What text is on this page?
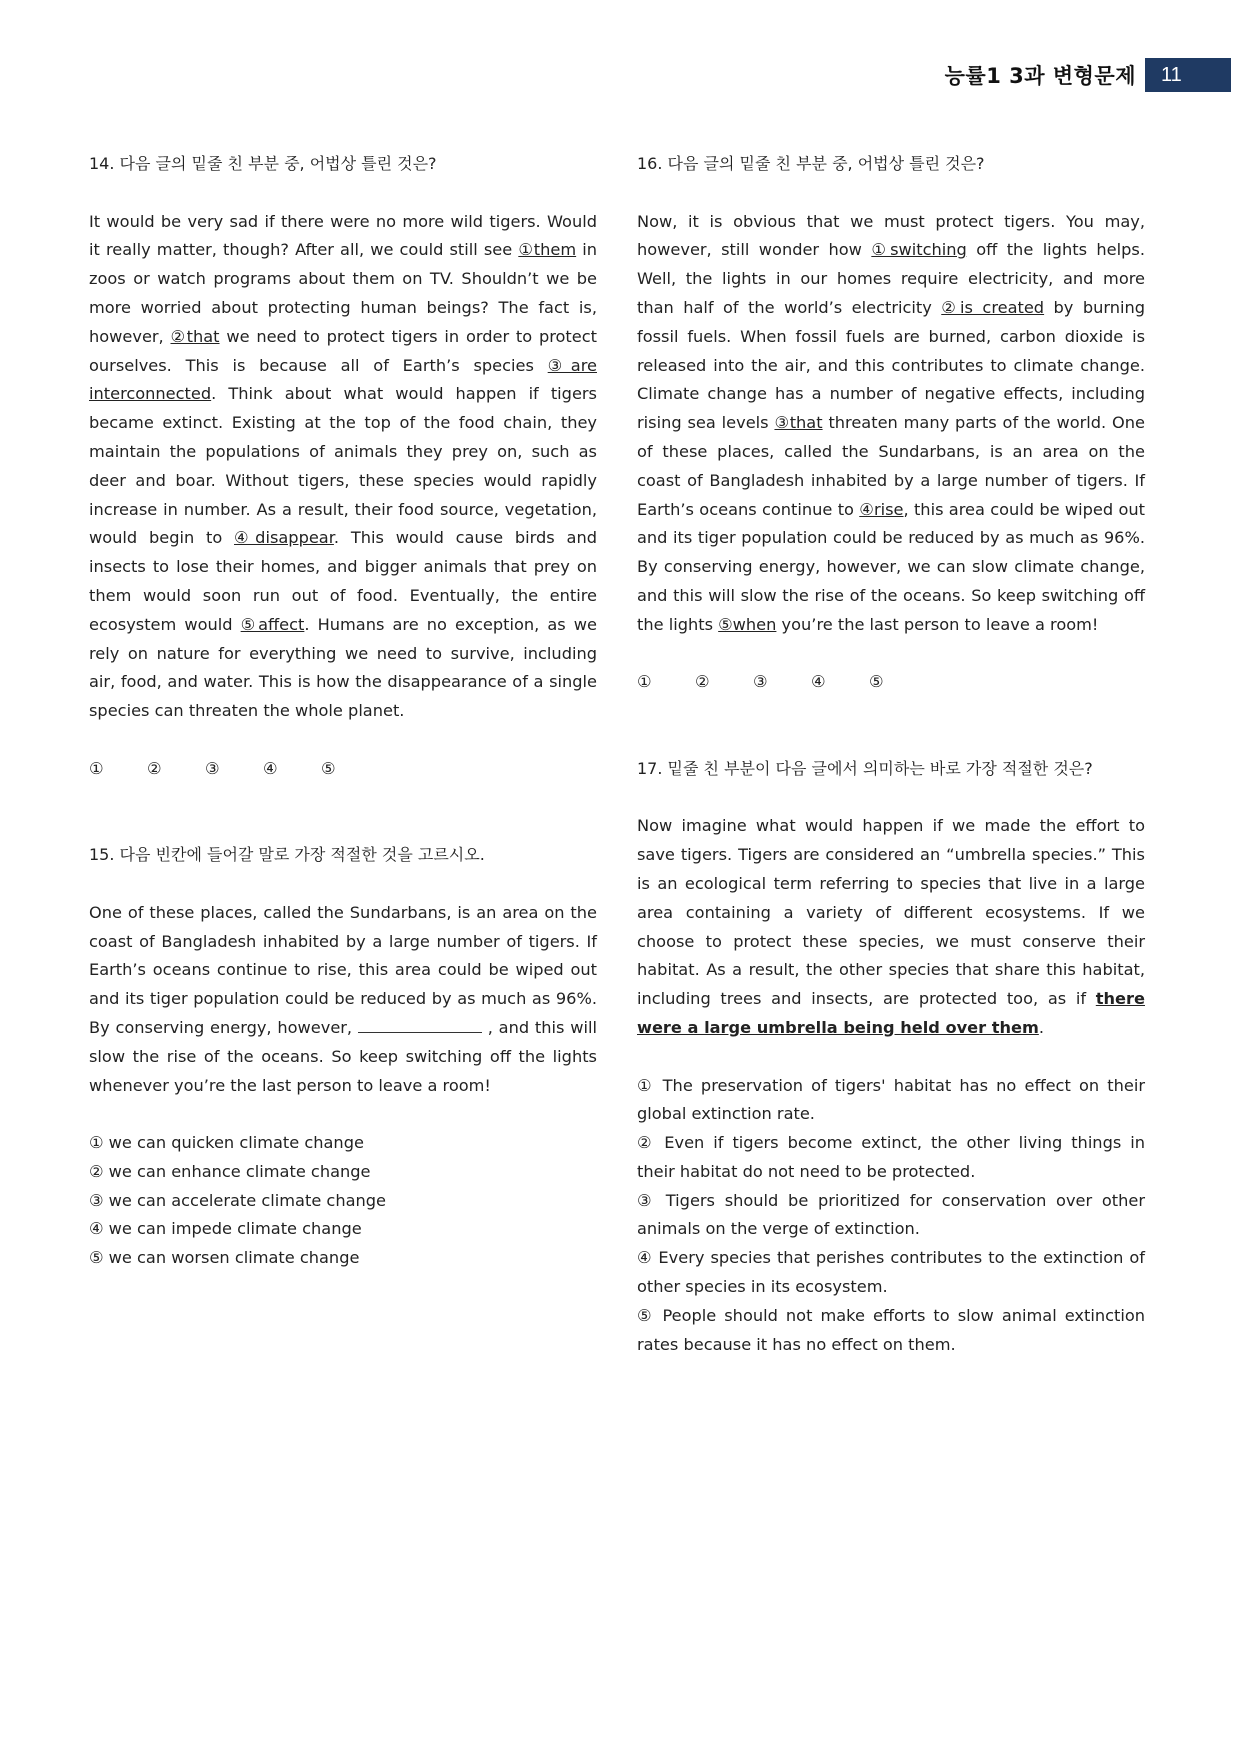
능률1 3과 변형문제	11

14. 다음 글의 밑줄 친 부분 중, 어법상 틀린 것은?

It would be very sad if there were no more wild tigers. Would it really matter, though? After all, we could still see ①them in zoos or watch programs about them on TV. Shouldn’t we be more worried about protecting human beings? The fact is, however, ②that we need to protect tigers in order to protect ourselves. This is because all of Earth’s species ③are interconnected. Think about what would happen if tigers became extinct. Existing at the top of the food chain, they maintain the populations of animals they prey on, such as deer and boar. Without tigers, these species would rapidly increase in number. As a result, their food source, vegetation, would begin to ④disappear. This would cause birds and insects to lose their homes, and bigger animals that prey on them would soon run out of food. Eventually, the entire ecosystem would ⑤affect. Humans are no exception, as we rely on nature for everything we need to survive, including air, food, and water. This is how the disappearance of a single species can threaten the whole planet.

①	②	③	④	⑤

15. 다음 빈칸에 들어갈 말로 가장 적절한 것을 고르시오.

One of these places, called the Sundarbans, is an area on the coast of Bangladesh inhabited by a large number of tigers. If Earth’s oceans continue to rise, this area could be wiped out and its tiger population could be reduced by as much as 96%. By conserving energy, however,	, and this will slow the rise of the oceans. So keep switching off the lights whenever you’re the last person to leave a room!

① we can quicken climate change

② we can enhance climate change

③ we can accelerate climate change

④ we can impede climate change

⑤ we can worsen climate change

16. 다음 글의 밑줄 친 부분 중, 어법상 틀린 것은?

Now, it is obvious that we must protect tigers. You may, however, still wonder how ①switching off the lights helps. Well, the lights in our homes require electricity, and more than half of the world’s electricity ②is created by burning fossil fuels. When fossil fuels are burned, carbon dioxide is released into the air, and this contributes to climate change. Climate change has a number of negative effects, including rising sea levels ③that threaten many parts of the world. One of these places, called the Sundarbans, is an area on the coast of Bangladesh inhabited by a large number of tigers. If Earth’s oceans continue to ④rise, this area could be wiped out and its tiger population could be reduced by as much as 96%. By conserving energy, however, we can slow climate change, and this will slow the rise of the oceans. So keep switching off the lights ⑤when you’re the last person to leave a room!

①	②	③	④	⑤

17. 밑줄 친 부분이 다음 글에서 의미하는 바로 가장 적절한 것은?

Now imagine what would happen if we made the effort to save tigers. Tigers are considered an “umbrella species.” This is an ecological term referring to species that live in a large area containing a variety of different ecosystems. If we choose to protect these species, we must conserve their habitat. As a result, the other species that share this habitat, including trees and insects, are protected too, as if there were a large umbrella being held over them.

① The preservation of tigers' habitat has no effect on their global extinction rate.

② Even if tigers become extinct, the other living things in their habitat do not need to be protected.

③ Tigers should be prioritized for conservation over other animals on the verge of extinction.

④ Every species that perishes contributes to the extinction of other species in its ecosystem.

⑤ People should not make efforts to slow animal extinction rates because it has no effect on them.
